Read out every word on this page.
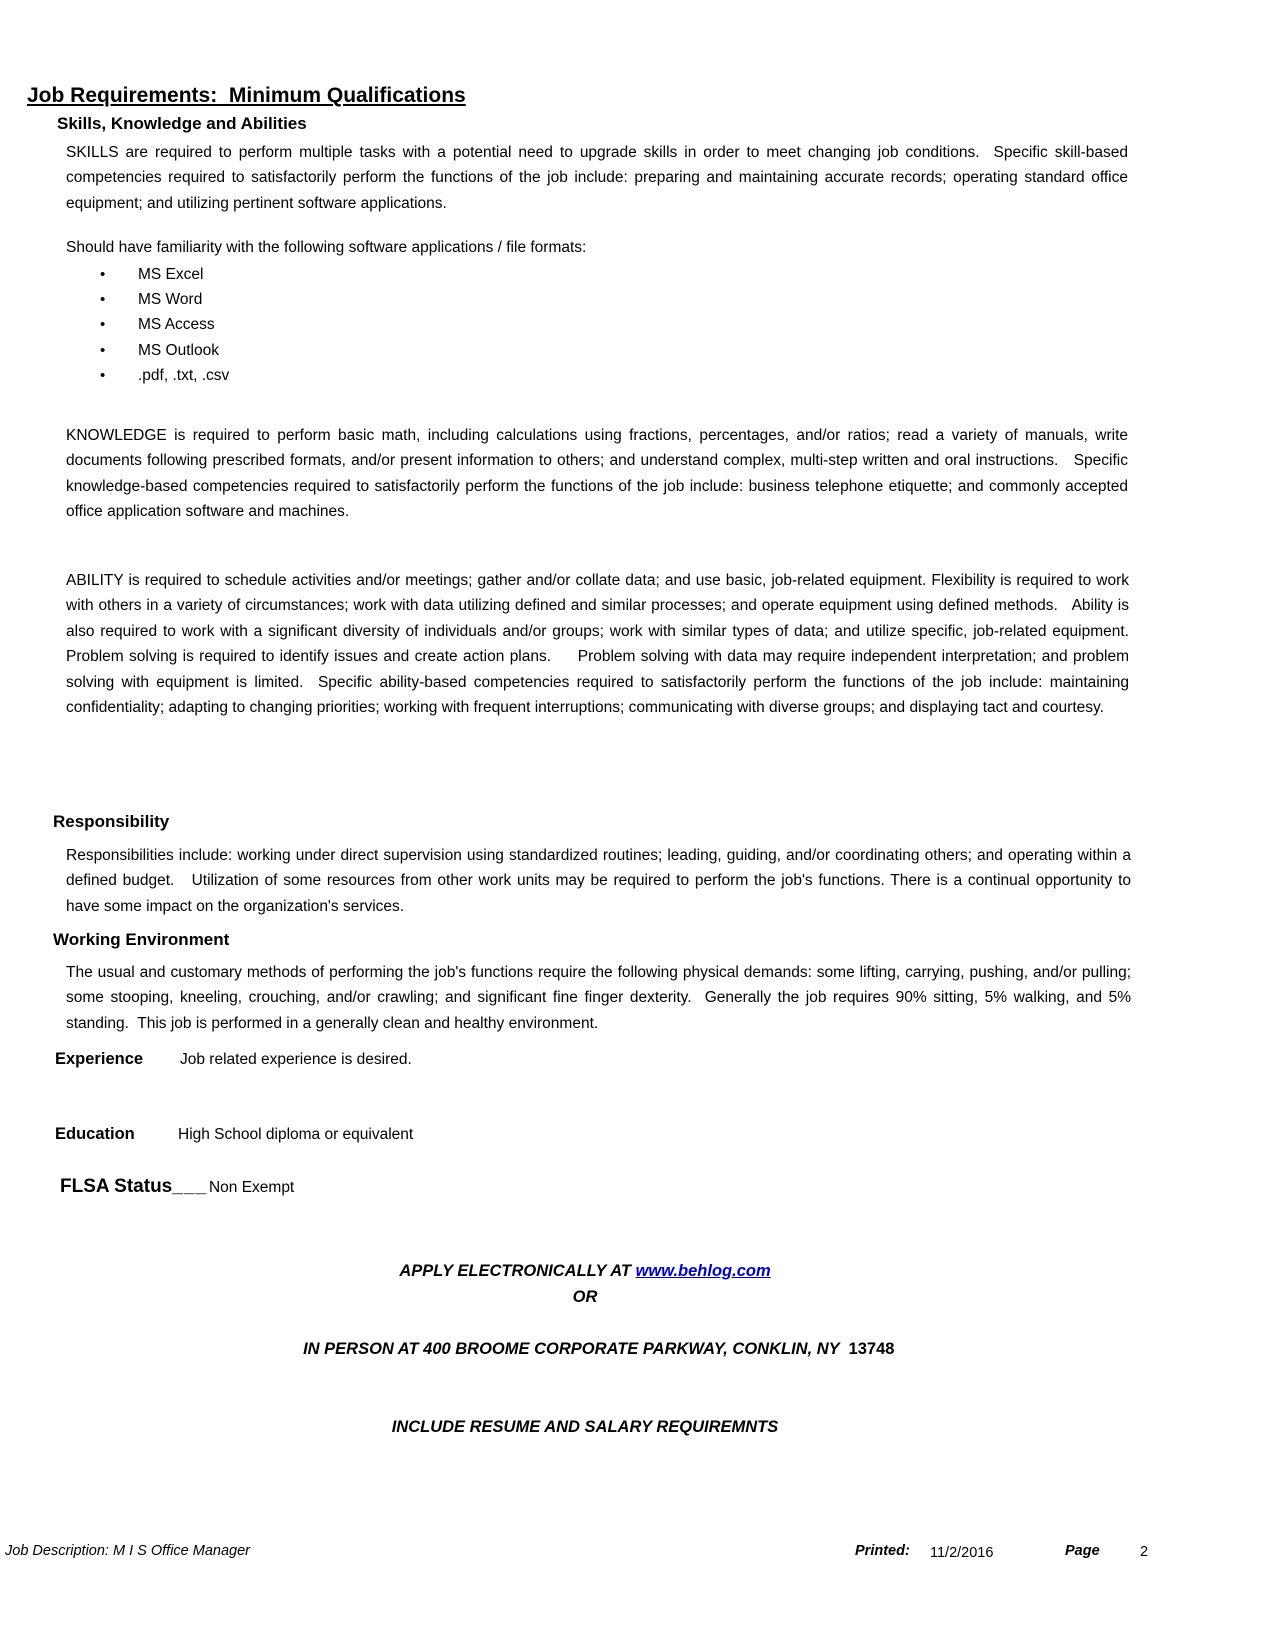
Job Requirements:  Minimum Qualifications
Skills, Knowledge and Abilities

SKILLS are required to perform multiple tasks with a potential need to upgrade skills in order to meet changing job conditions.  Specific skill-based competencies required to satisfactorily perform the functions of the job include: preparing and maintaining accurate records; operating standard office equipment; and utilizing pertinent software applications.

Should have familiarity with the following software applications / file formats:

•	MS Excel
•	MS Word
•	MS Access
•	MS Outlook
•	.pdf, .txt, .csv

KNOWLEDGE is required to perform basic math, including calculations using fractions, percentages, and/or ratios; read a variety of manuals, write documents following prescribed formats, and/or present information to others; and understand complex, multi-step written and oral instructions.   Specific knowledge-based competencies required to satisfactorily perform the functions of the job include: business telephone etiquette; and commonly accepted office application software and machines.

ABILITY is required to schedule activities and/or meetings; gather and/or collate data; and use basic, job-related equipment. Flexibility is required to work with others in a variety of circumstances; work with data utilizing defined and similar processes; and operate equipment using defined methods.   Ability is also required to work with a significant diversity of individuals and/or groups; work with similar types of data; and utilize specific, job-related equipment. Problem solving is required to identify issues and create action plans.     Problem solving with data may require independent interpretation; and problem solving with equipment is limited.  Specific ability-based competencies required to satisfactorily perform the functions of the job include: maintaining confidentiality; adapting to changing priorities; working with frequent interruptions; communicating with diverse groups; and displaying tact and courtesy.

Responsibility

Responsibilities include: working under direct supervision using standardized routines; leading, guiding, and/or coordinating others; and operating within a defined budget.   Utilization of some resources from other work units may be required to perform the job's functions. There is a continual opportunity to have some impact on the organization's services.

Working Environment

The usual and customary methods of performing the job's functions require the following physical demands: some lifting, carrying, pushing, and/or pulling; some stooping, kneeling, crouching, and/or crawling; and significant fine finger dexterity.  Generally the job requires 90% sitting, 5% walking, and 5% standing.  This job is performed in a generally clean and healthy environment.

Experience	Job related experience is desired.
Education	High School diploma or equivalent
FLSA Status ___ Non Exempt
APPLY ELECTRONICALLY AT www.behlog.com
OR

IN PERSON AT 400 BROOME CORPORATE PARKWAY, CONKLIN, NY  13748

INCLUDE RESUME AND SALARY REQUIREMNTS
Job Description: M I S Office Manager	Printed: 11/2/2016	Page	2
